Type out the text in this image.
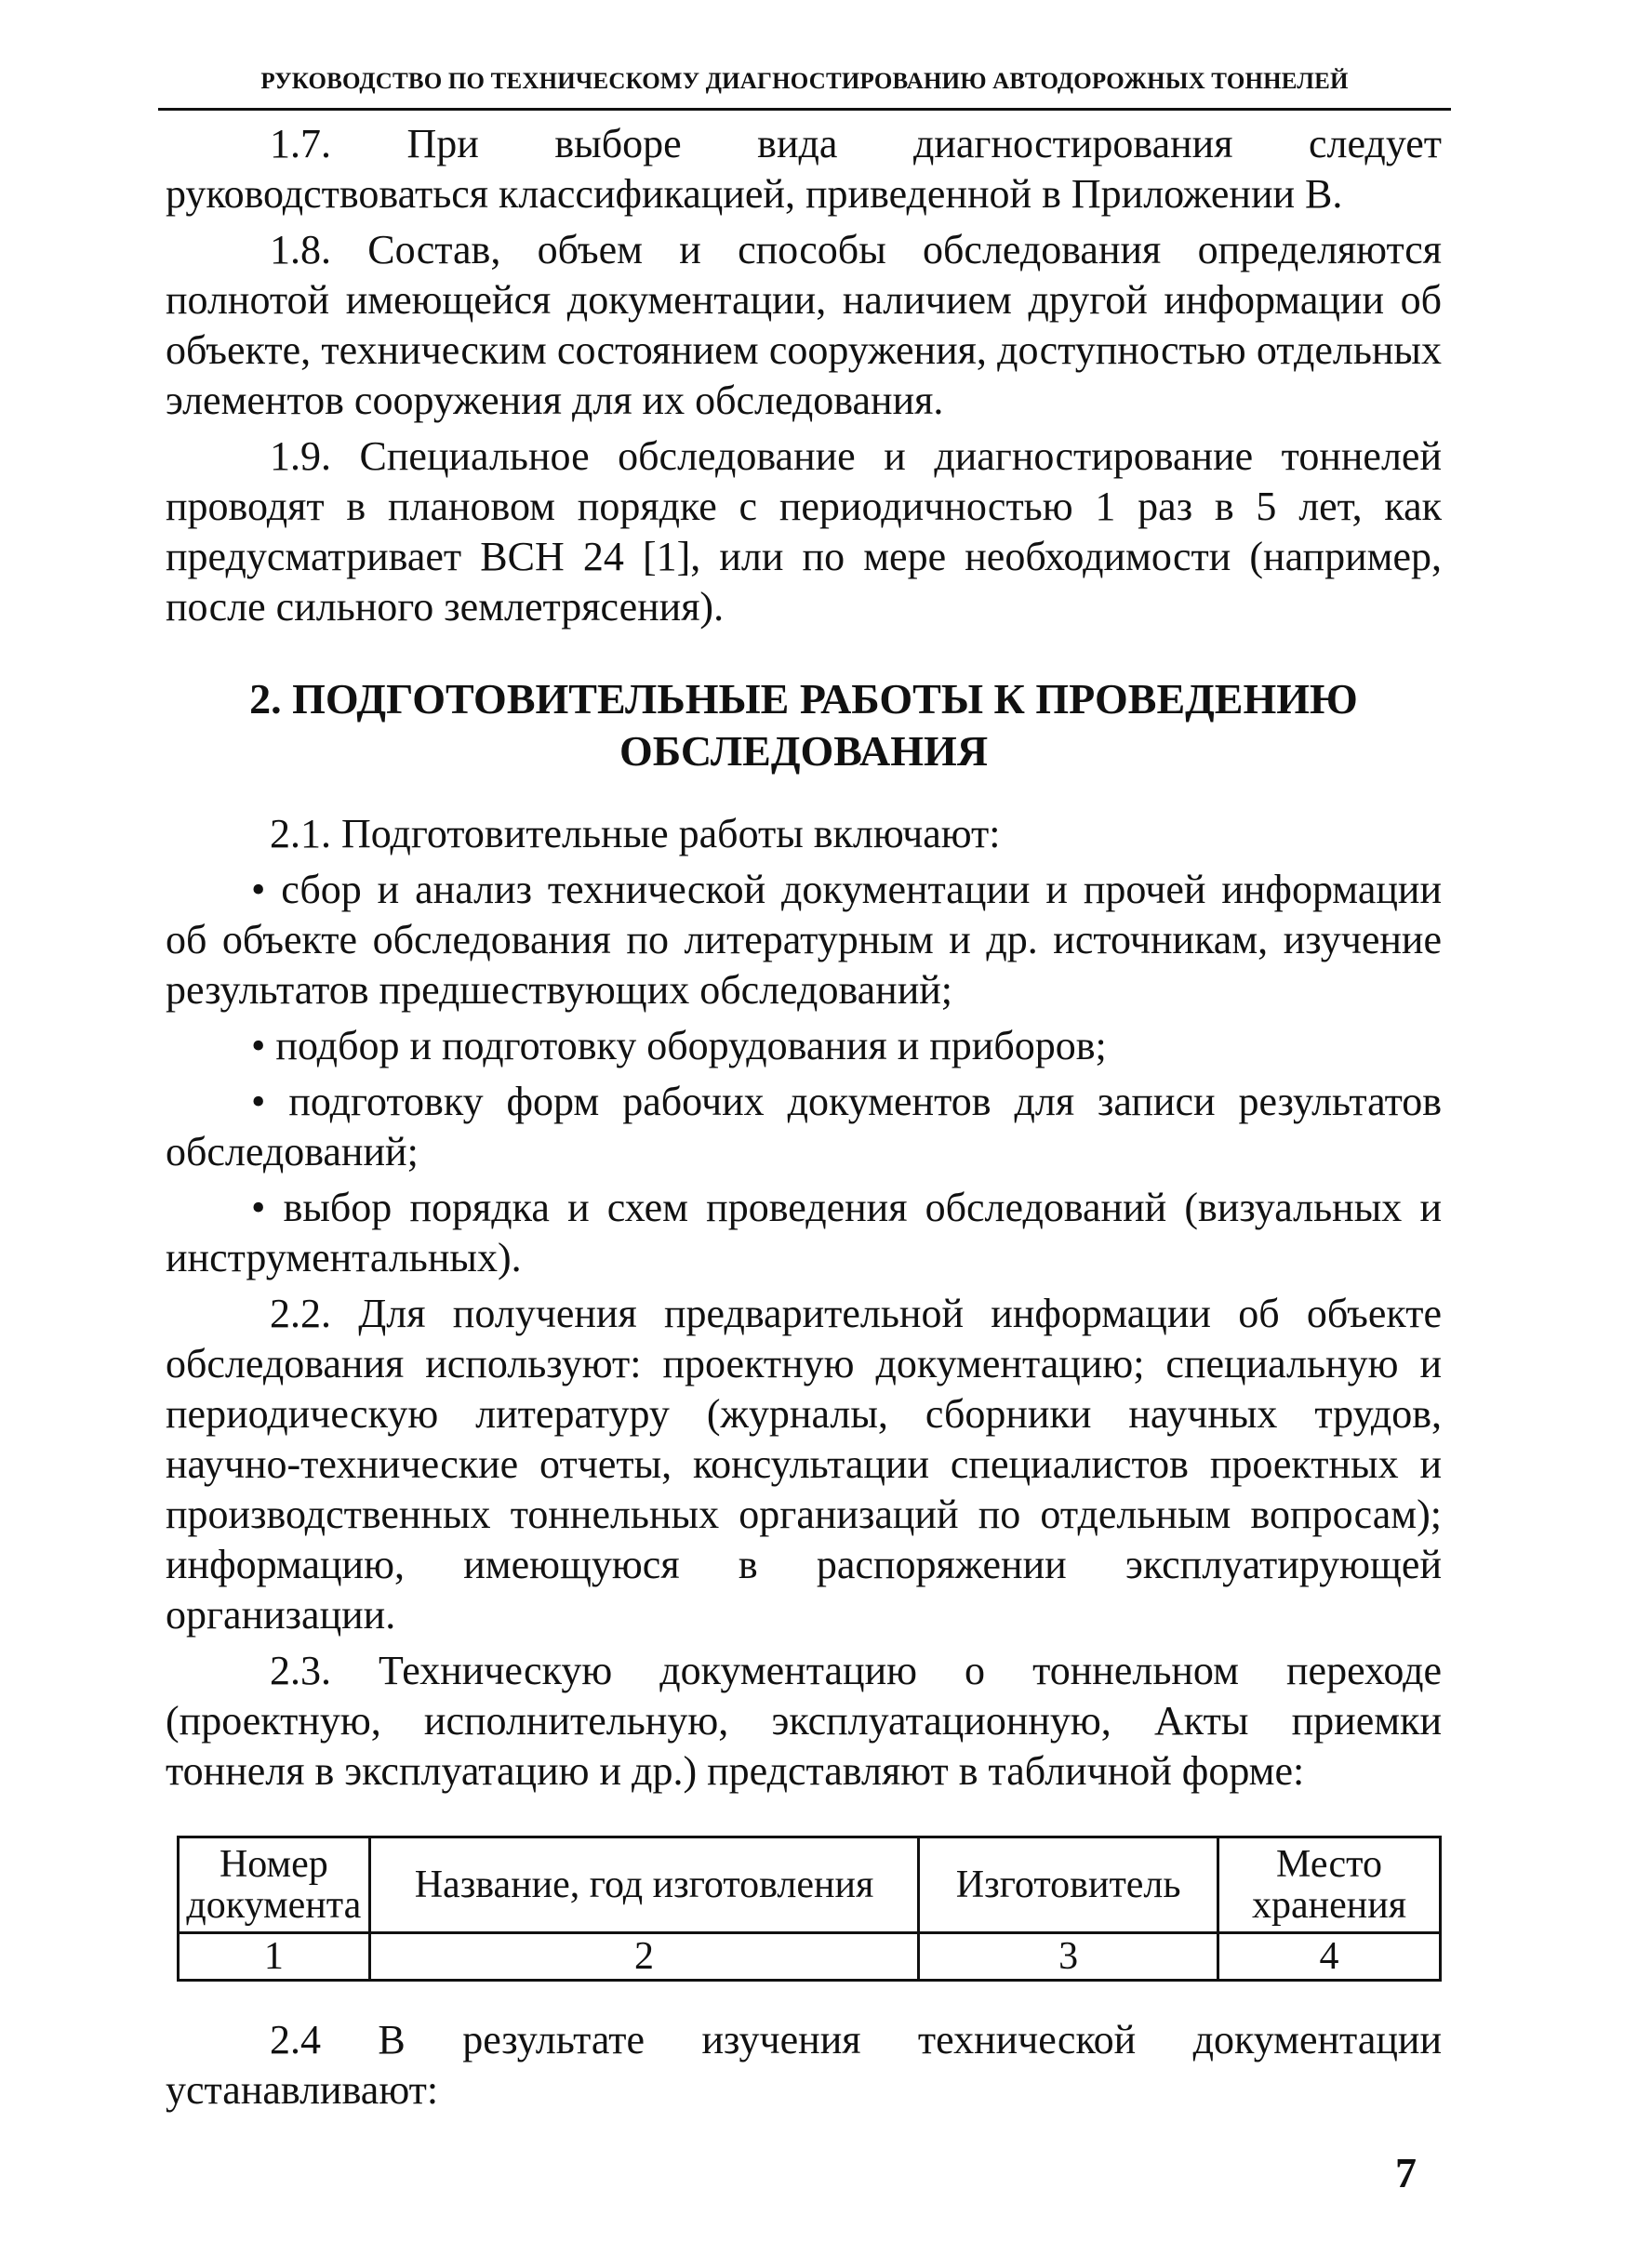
РУКОВОДСТВО ПО ТЕХНИЧЕСКОМУ ДИАГНОСТИРОВАНИЮ АВТОДОРОЖНЫХ ТОННЕЛЕЙ

1.7. При выборе вида диагностирования следует руководствоваться классификацией, приведенной в Приложении В.

1.8. Состав, объем и способы обследования определяются полнотой имеющейся документации, наличием другой информации об объекте, техническим состоянием сооружения, доступностью отдельных элементов сооружения для их обследования.

1.9. Специальное обследование и диагностирование тоннелей проводят в плановом порядке с периодичностью 1 раз в 5 лет, как предусматривает ВСН 24 [1], или по мере необходимости (например, после сильного землетрясения).

2. ПОДГОТОВИТЕЛЬНЫЕ РАБОТЫ К ПРОВЕДЕНИЮ
ОБСЛЕДОВАНИЯ

2.1. Подготовительные работы включают:

• сбор и анализ технической документации и прочей информации об объекте обследования по литературным и др. источникам, изучение результатов предшествующих обследований;

• подбор и подготовку оборудования и приборов;

• подготовку форм рабочих документов для записи результатов обследований;

• выбор порядка и схем проведения обследований (визуальных и инструментальных).

2.2. Для получения предварительной информации об объекте обследования используют: проектную документацию; специальную и периодическую литературу (журналы, сборники научных трудов, научно-технические отчеты, консультации специалистов проектных и производственных тоннельных организаций по отдельным вопросам); информацию, имеющуюся в распоряжении эксплуатирующей организации.

2.3. Техническую документацию о тоннельном переходе (проектную, исполнительную, эксплуатационную, Акты приемки тоннеля в эксплуатацию и др.) представляют в табличной форме:

Номер документа	Название, год изготовления	Изготовитель	Место хранения
1	2	3	4

2.4 В результате изучения технической документации устанавливают:

7
